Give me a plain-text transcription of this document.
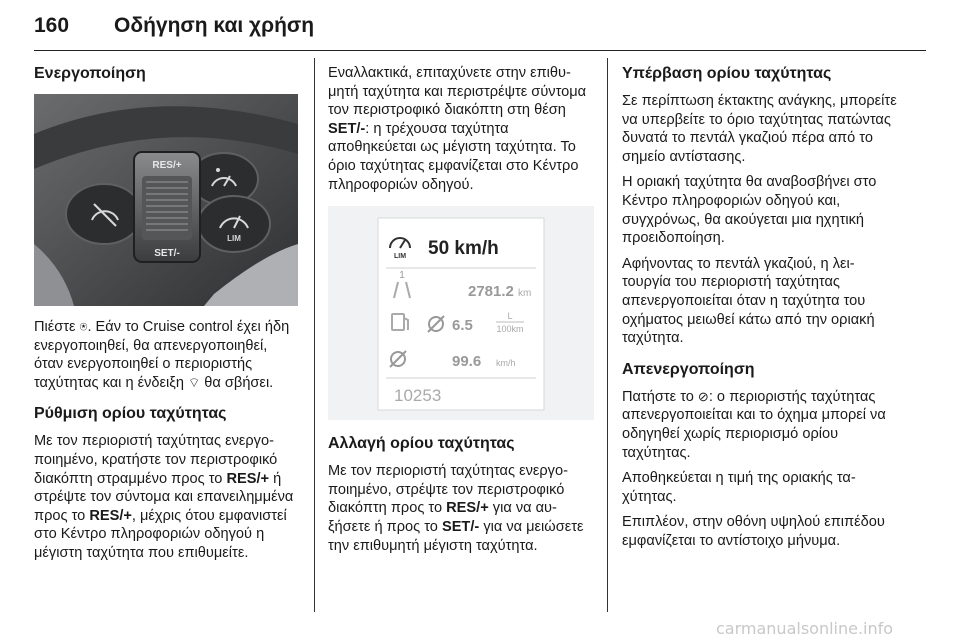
160 Οδήγηση και χρήση
Ενεργοποίηση
RES/+
SET/-
LIM

Πιέστε ⍟. Εάν το Cruise control έχει ήδη ενεργοποιηθεί, θα απενεργοποιηθεί, όταν ενεργοποιηθεί ο περιοριστής ταχύτητας και η ένδειξη ⌔ θα σβήσει.

Ρύθμιση ορίου ταχύτητας

Με τον περιοριστή ταχύτητας ενεργοποιημένο, κρατήστε τον περιστροφικό διακόπτη στραμμένο προς το RES/+ ή στρέψτε τον σύντομα και επανειλημμένα προς το RES/+, μέχρις ότου εμφανιστεί στο Κέντρο πληροφοριών οδηγού η μέγιστη ταχύτητα που επιθυμείτε.

Εναλλακτικά, επιταχύνετε στην επιθυμητή ταχύτητα και περιστρέψτε σύντομα τον περιστροφικό διακόπτη στη θέση SET/-: η τρέχουσα ταχύτητα αποθηκεύεται ως μέγιστη ταχύτητα. Το όριο ταχύτητας εμφανίζεται στο Κέντρο πληροφοριών οδηγού.

LIM 50 km/h
1
2781.2 km
6.5
L
100km
99.6 km/h
10253
Αλλαγή ορίου ταχύτητας

Με τον περιοριστή ταχύτητας ενεργοποιημένο, στρέψτε τον περιστροφικό διακόπτη προς το RES/+ για να αυξήσετε ή προς το SET/- για να μειώσετε την επιθυμητή μέγιστη ταχύτητα.

Υπέρβαση ορίου ταχύτητας

Σε περίπτωση έκτακτης ανάγκης, μπορείτε να υπερβείτε το όριο ταχύτητας πατώντας δυνατά το πεντάλ γκαζιού πέρα από το σημείο αντίστασης.

Η οριακή ταχύτητα θα αναβοσβήνει στο Κέντρο πληροφοριών οδηγού και, συγχρόνως, θα ακούγεται μια ηχητική προειδοποίηση.

Αφήνοντας το πεντάλ γκαζιού, η λειτουργία του περιοριστή ταχύτητας απενεργοποιείται όταν η ταχύτητα του οχήματος μειωθεί κάτω από την οριακή ταχύτητα.

Απενεργοποίηση

Πατήστε το ⊘: ο περιοριστής ταχύτητας απενεργοποιείται και το όχημα μπορεί να οδηγηθεί χωρίς περιορισμό ορίου ταχύτητας.

Αποθηκεύεται η τιμή της οριακής ταχύτητας.

Επιπλέον, στην οθόνη υψηλού επιπέδου εμφανίζεται το αντίστοιχο μήνυμα.

carmanualsonline.info
